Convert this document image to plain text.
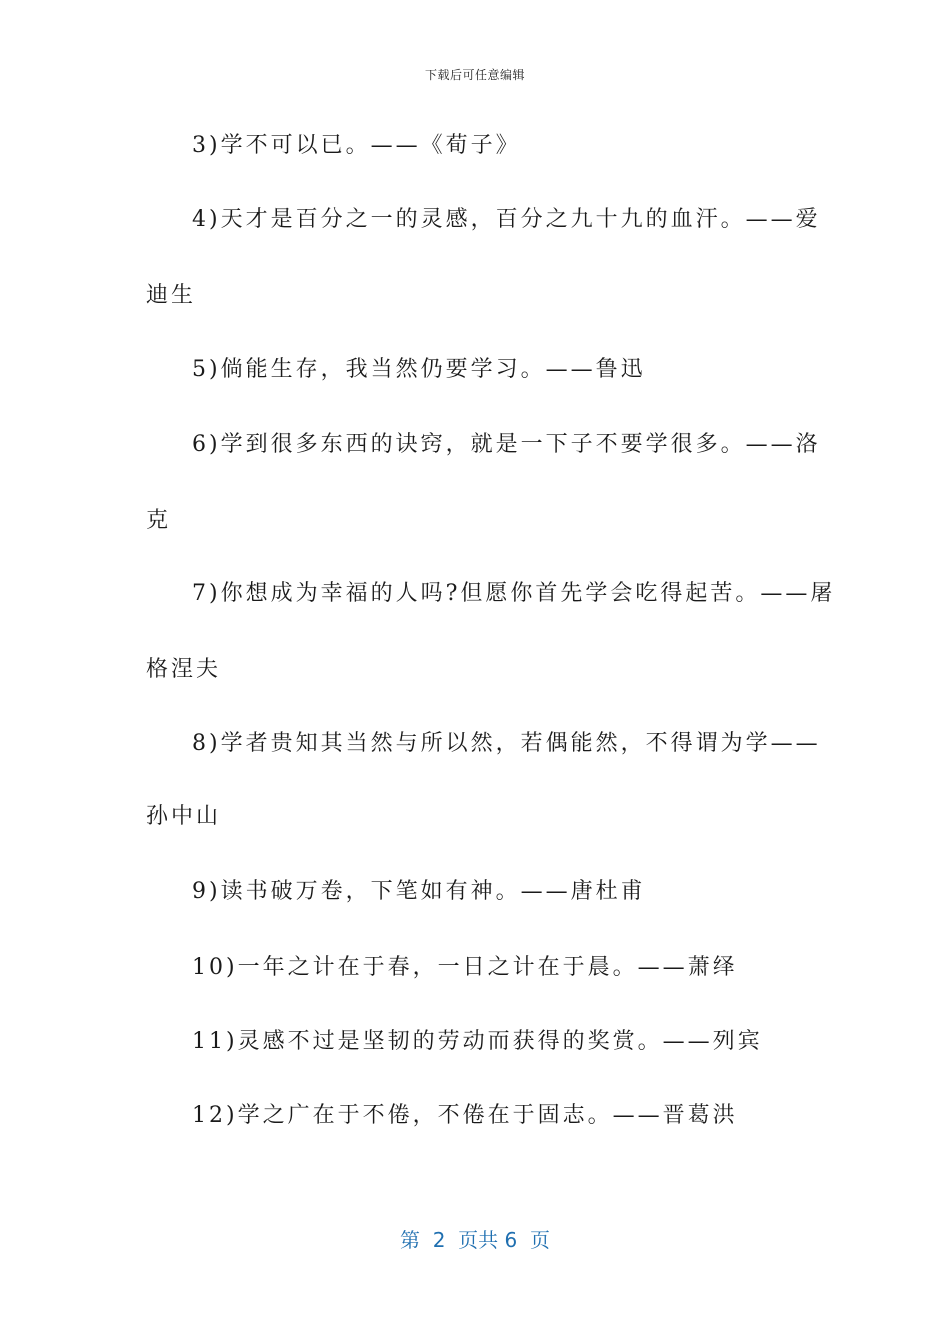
下载后可任意编辑
3)学不可以已。——《荀子》
4)天才是百分之一的灵感，百分之九十九的血汗。——爱
迪生
5)倘能生存，我当然仍要学习。——鲁迅
6)学到很多东西的诀窍，就是一下子不要学很多。——洛
克
7)你想成为幸福的人吗?但愿你首先学会吃得起苦。——屠
格涅夫
8)学者贵知其当然与所以然，若偶能然，不得谓为学——
孙中山
9)读书破万卷，下笔如有神。——唐杜甫
10)一年之计在于春，一日之计在于晨。——萧绎
11)灵感不过是坚韧的劳动而获得的奖赏。——列宾
12)学之广在于不倦，不倦在于固志。——晋葛洪
第  2  页共 6  页
